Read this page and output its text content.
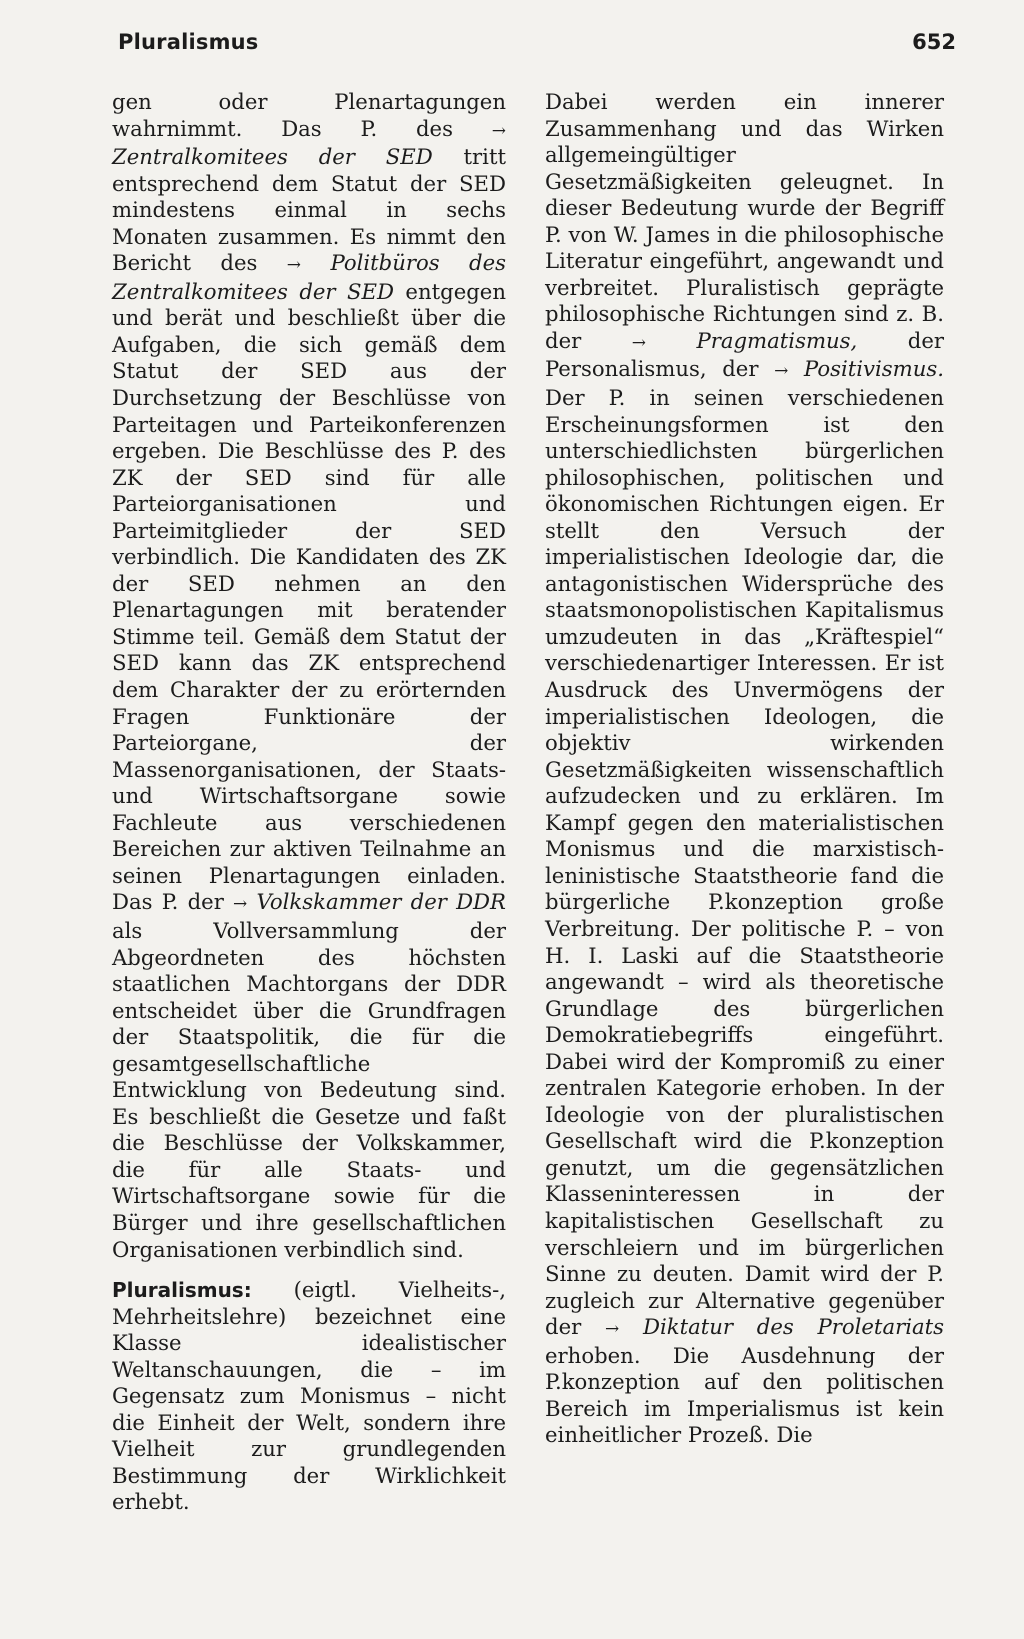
Pluralismus	652

gen oder Plenartagungen wahrnimmt. Das P. des → Zentralkomitees der SED tritt entsprechend dem Statut der SED mindestens einmal in sechs Monaten zusammen. Es nimmt den Bericht des → Politbüros des Zentralkomitees der SED entgegen und berät und beschließt über die Aufgaben, die sich gemäß dem Statut der SED aus der Durchsetzung der Beschlüsse von Parteitagen und Parteikonferenzen ergeben. Die Beschlüsse des P. des ZK der SED sind für alle Parteiorganisationen und Parteimitglieder der SED verbindlich. Die Kandidaten des ZK der SED nehmen an den Plenartagungen mit beratender Stimme teil. Gemäß dem Statut der SED kann das ZK entsprechend dem Charakter der zu erörternden Fragen Funktionäre der Parteiorgane, der Massenorganisationen, der Staats- und Wirtschaftsorgane sowie Fachleute aus verschiedenen Bereichen zur aktiven Teilnahme an seinen Plenartagungen einladen. Das P. der → Volkskammer der DDR als Vollversammlung der Abgeordneten des höchsten staatlichen Machtorgans der DDR entscheidet über die Grundfragen der Staatspolitik, die für die gesamtgesellschaftliche Entwicklung von Bedeutung sind. Es beschließt die Gesetze und faßt die Beschlüsse der Volkskammer, die für alle Staats- und Wirtschaftsorgane sowie für die Bürger und ihre gesellschaftlichen Organisationen verbindlich sind.

Pluralismus: (eigtl. Vielheits-, Mehrheitslehre) bezeichnet eine Klasse idealistischer Weltanschauungen, die – im Gegensatz zum Monismus – nicht die Einheit der Welt, sondern ihre Vielheit zur grundlegenden Bestimmung der Wirklichkeit erhebt.

Dabei werden ein innerer Zusammenhang und das Wirken allgemeingültiger Gesetzmäßigkeiten geleugnet. In dieser Bedeutung wurde der Begriff P. von W. James in die philosophische Literatur eingeführt, angewandt und verbreitet. Pluralistisch geprägte philosophische Richtungen sind z. B. der → Pragmatismus, der Personalismus, der → Positivismus. Der P. in seinen verschiedenen Erscheinungsformen ist den unterschiedlichsten bürgerlichen philosophischen, politischen und ökonomischen Richtungen eigen. Er stellt den Versuch der imperialistischen Ideologie dar, die antagonistischen Widersprüche des staatsmonopolistischen Kapitalismus umzudeuten in das „Kräftespiel“ verschiedenartiger Interessen. Er ist Ausdruck des Unvermögens der imperialistischen Ideologen, die objektiv wirkenden Gesetzmäßigkeiten wissenschaftlich aufzudecken und zu erklären. Im Kampf gegen den materialistischen Monismus und die marxistisch-leninistische Staatstheorie fand die bürgerliche P.konzeption große Verbreitung. Der politische P. – von H. I. Laski auf die Staatstheorie angewandt – wird als theoretische Grundlage des bürgerlichen Demokratiebegriffs eingeführt. Dabei wird der Kompromiß zu einer zentralen Kategorie erhoben. In der Ideologie von der pluralistischen Gesellschaft wird die P.konzeption genutzt, um die gegensätzlichen Klasseninteressen in der kapitalistischen Gesellschaft zu verschleiern und im bürgerlichen Sinne zu deuten. Damit wird der P. zugleich zur Alternative gegenüber der → Diktatur des Proletariats erhoben. Die Ausdehnung der P.konzeption auf den politischen Bereich im Imperialismus ist kein einheitlicher Prozeß. Die
